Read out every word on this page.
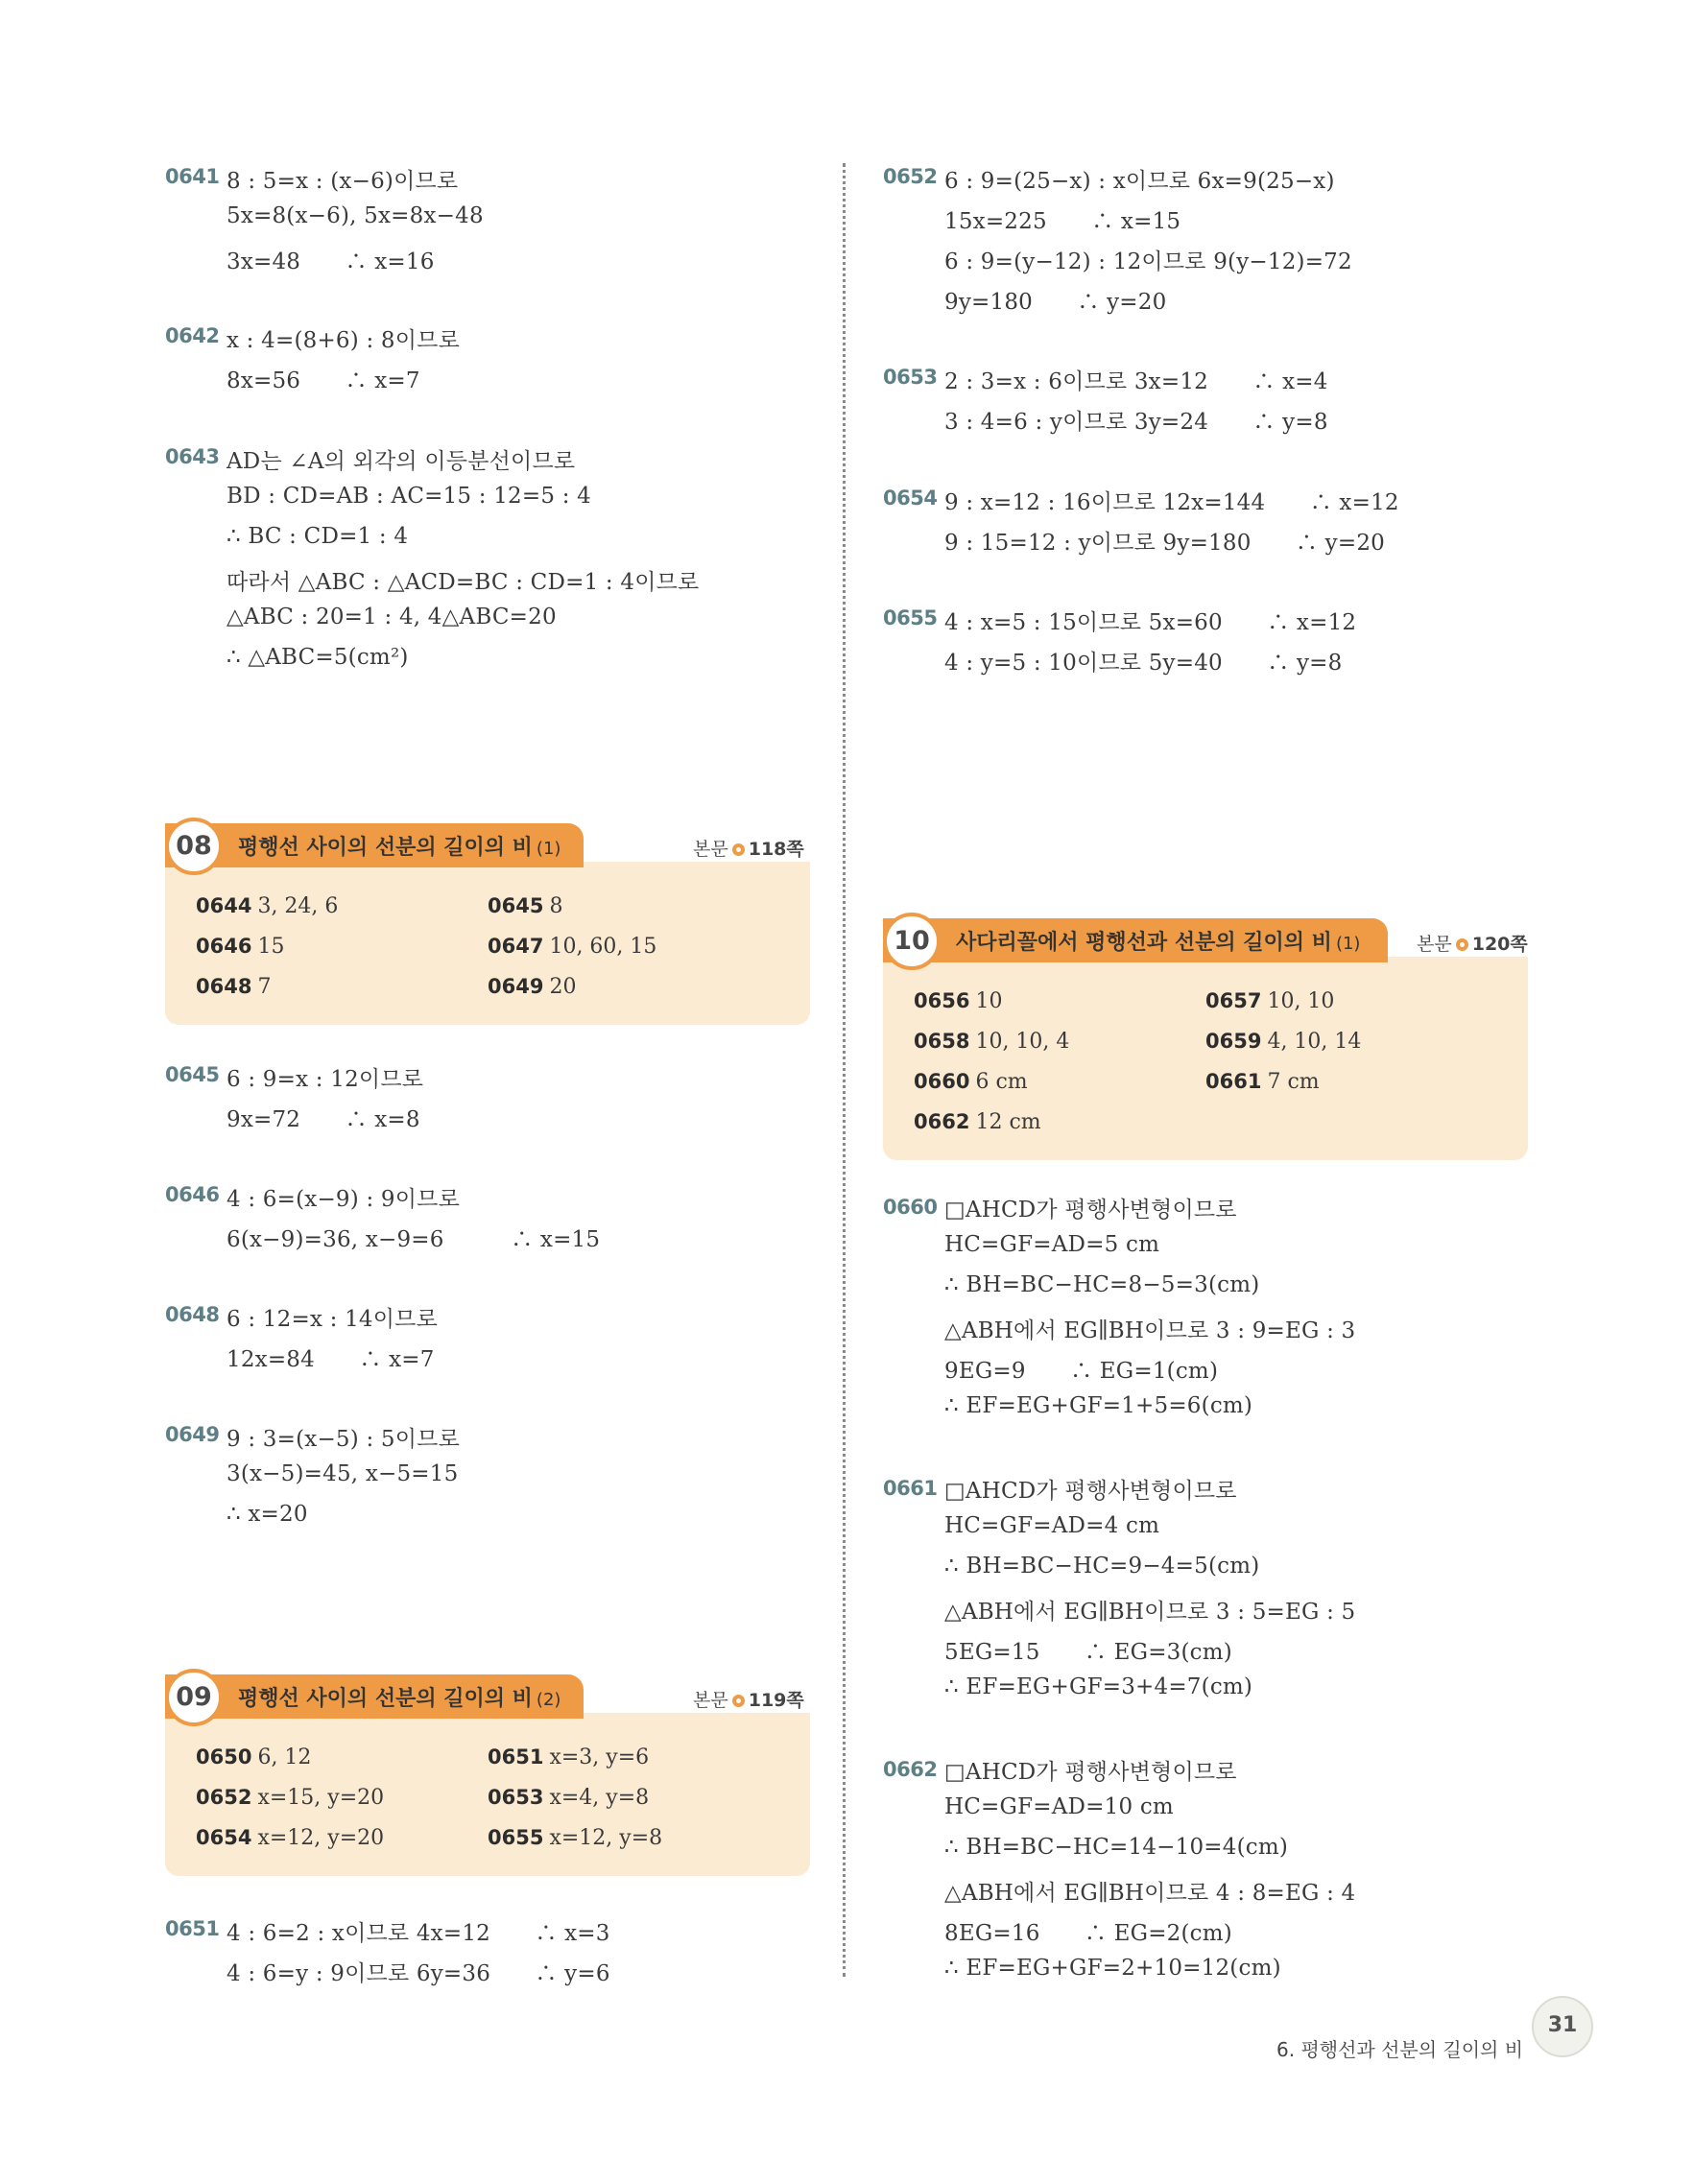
0641 8 : 5=x : (x−6)이므로
5x=8(x−6), 5x=8x−48
3x=48　　∴ x=16
0642 x : 4=(8+6) : 8이므로
8x=56　　∴ x=7
0643 AD는 ∠A의 외각의 이등분선이므로
BD : CD=AB : AC=15 : 12=5 : 4
∴ BC : CD=1 : 4
따라서 △ABC : △ACD=BC : CD=1 : 4이므로
△ABC : 20=1 : 4, 4△ABC=20
∴ △ABC=5(cm²)
08	평행선 사이의 선분의 길이의 비 (1)	본문 118쪽
0644 3, 24, 6	0645 8
0646 15	0647 10, 60, 15
0648 7	0649 20
0645 6 : 9=x : 12이므로
9x=72　　∴ x=8
0646 4 : 6=(x−9) : 9이므로
6(x−9)=36, x−9=6　　　∴ x=15
0648 6 : 12=x : 14이므로
12x=84　　∴ x=7
0649 9 : 3=(x−5) : 5이므로
3(x−5)=45, x−5=15
∴ x=20
09	평행선 사이의 선분의 길이의 비 (2)	본문 119쪽
0650 6, 12	0651 x=3, y=6
0652 x=15, y=20	0653 x=4, y=8
0654 x=12, y=20	0655 x=12, y=8
0651 4 : 6=2 : x이므로 4x=12　　∴ x=3
4 : 6=y : 9이므로 6y=36　　∴ y=6
0652 6 : 9=(25−x) : x이므로 6x=9(25−x)
15x=225　　∴ x=15
6 : 9=(y−12) : 12이므로 9(y−12)=72
9y=180　　∴ y=20
0653 2 : 3=x : 6이므로 3x=12　　∴ x=4
3 : 4=6 : y이므로 3y=24　　∴ y=8
0654 9 : x=12 : 16이므로 12x=144　　∴ x=12
9 : 15=12 : y이므로 9y=180　　∴ y=20
0655 4 : x=5 : 15이므로 5x=60　　∴ x=12
4 : y=5 : 10이므로 5y=40　　∴ y=8
10	사다리꼴에서 평행선과 선분의 길이의 비 (1)	본문 120쪽
0656 10	0657 10, 10
0658 10, 10, 4	0659 4, 10, 14
0660 6 cm	0661 7 cm
0662 12 cm
0660 □AHCD가 평행사변형이므로
HC=GF=AD=5 cm
∴ BH=BC−HC=8−5=3(cm)
△ABH에서 EG∥BH이므로 3 : 9=EG : 3
9EG=9　　∴ EG=1(cm)
∴ EF=EG+GF=1+5=6(cm)
0661 □AHCD가 평행사변형이므로
HC=GF=AD=4 cm
∴ BH=BC−HC=9−4=5(cm)
△ABH에서 EG∥BH이므로 3 : 5=EG : 5
5EG=15　　∴ EG=3(cm)
∴ EF=EG+GF=3+4=7(cm)
0662 □AHCD가 평행사변형이므로
HC=GF=AD=10 cm
∴ BH=BC−HC=14−10=4(cm)
△ABH에서 EG∥BH이므로 4 : 8=EG : 4
8EG=16　　∴ EG=2(cm)
∴ EF=EG+GF=2+10=12(cm)
6. 평행선과 선분의 길이의 비
31
